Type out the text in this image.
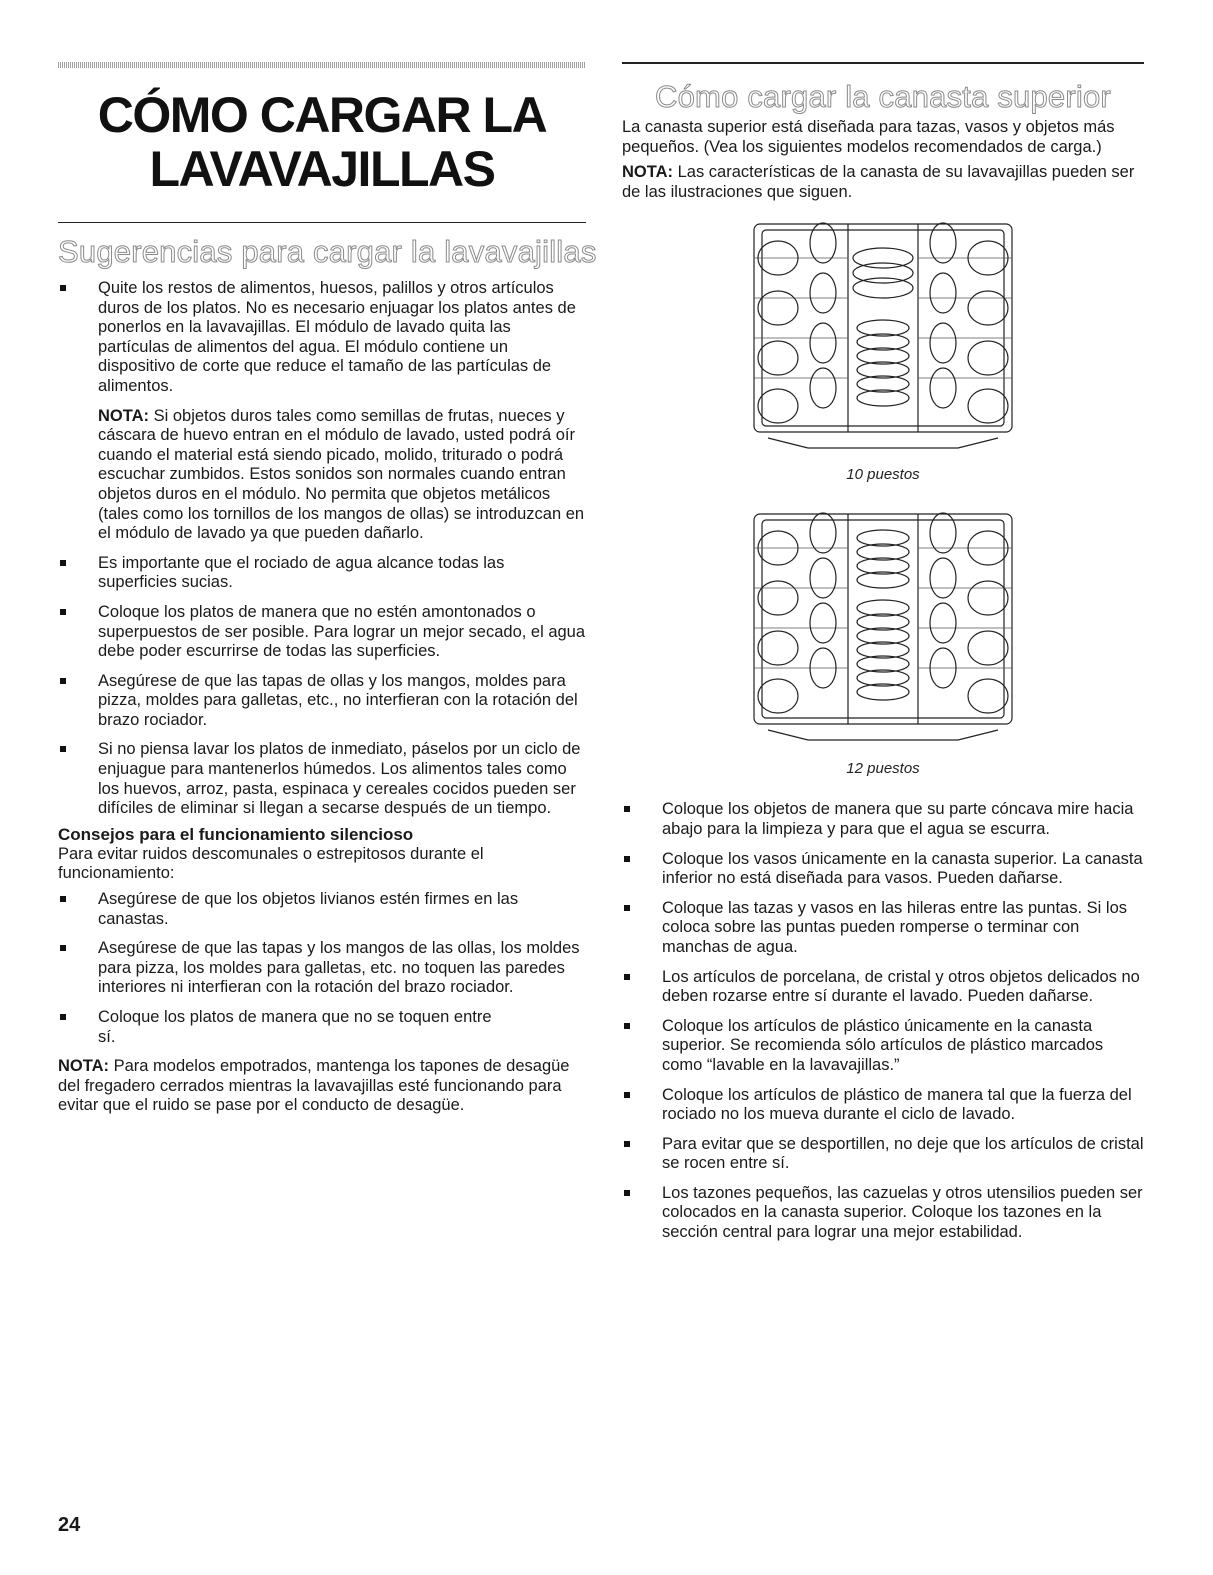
CÓMO CARGAR LA
LAVAVAJILLAS
Sugerencias para cargar la lavavajillas
Quite los restos de alimentos, huesos, palillos y otros artículos duros de los platos. No es necesario enjuagar los platos antes de ponerlos en la lavavajillas. El módulo de lavado quita las partículas de alimentos del agua. El módulo contiene un dispositivo de corte que reduce el tamaño de las partículas de alimentos.

NOTA: Si objetos duros tales como semillas de frutas, nueces y cáscara de huevo entran en el módulo de lavado, usted podrá oír cuando el material está siendo picado, molido, triturado o podrá escuchar zumbidos. Estos sonidos son normales cuando entran objetos duros en el módulo. No permita que objetos metálicos (tales como los tornillos de los mangos de ollas) se introduzcan en el módulo de lavado ya que pueden dañarlo.

Es importante que el rociado de agua alcance todas las superficies sucias.
Coloque los platos de manera que no estén amontonados o superpuestos de ser posible. Para lograr un mejor secado, el agua debe poder escurrirse de todas las superficies.
Asegúrese de que las tapas de ollas y los mangos, moldes para pizza, moldes para galletas, etc., no interfieran con la rotación del brazo rociador.
Si no piensa lavar los platos de inmediato, páselos por un ciclo de enjuague para mantenerlos húmedos. Los alimentos tales como los huevos, arroz, pasta, espinaca y cereales cocidos pueden ser difíciles de eliminar si llegan a secarse después de un tiempo.
Consejos para el funcionamiento silencioso

Para evitar ruidos descomunales o estrepitosos durante el funcionamiento:

Asegúrese de que los objetos livianos estén firmes en las canastas.
Asegúrese de que las tapas y los mangos de las ollas, los moldes para pizza, los moldes para galletas, etc. no toquen las paredes interiores ni interfieran con la rotación del brazo rociador.
Coloque los platos de manera que no se toquen entre sí.

NOTA: Para modelos empotrados, mantenga los tapones de desagüe del fregadero cerrados mientras la lavavajillas esté funcionando para evitar que el ruido se pase por el conducto de desagüe.

Cómo cargar la canasta superior

La canasta superior está diseñada para tazas, vasos y objetos más pequeños. (Vea los siguientes modelos recomendados de carga.)

NOTA: Las características de la canasta de su lavavajillas pueden ser de las ilustraciones que siguen.

10 puestos
12 puestos
Coloque los objetos de manera que su parte cóncava mire hacia abajo para la limpieza y para que el agua se escurra.
Coloque los vasos únicamente en la canasta superior. La canasta inferior no está diseñada para vasos. Pueden dañarse.
Coloque las tazas y vasos en las hileras entre las puntas. Si los coloca sobre las puntas pueden romperse o terminar con manchas de agua.
Los artículos de porcelana, de cristal y otros objetos delicados no deben rozarse entre sí durante el lavado. Pueden dañarse.
Coloque los artículos de plástico únicamente en la canasta superior. Se recomienda sólo artículos de plástico marcados como “lavable en la lavavajillas.”
Coloque los artículos de plástico de manera tal que la fuerza del rociado no los mueva durante el ciclo de lavado.
Para evitar que se desportillen, no deje que los artículos de cristal se rocen entre sí.
Los tazones pequeños, las cazuelas y otros utensilios pueden ser colocados en la canasta superior. Coloque los tazones en la sección central para lograr una mejor estabilidad.
24
